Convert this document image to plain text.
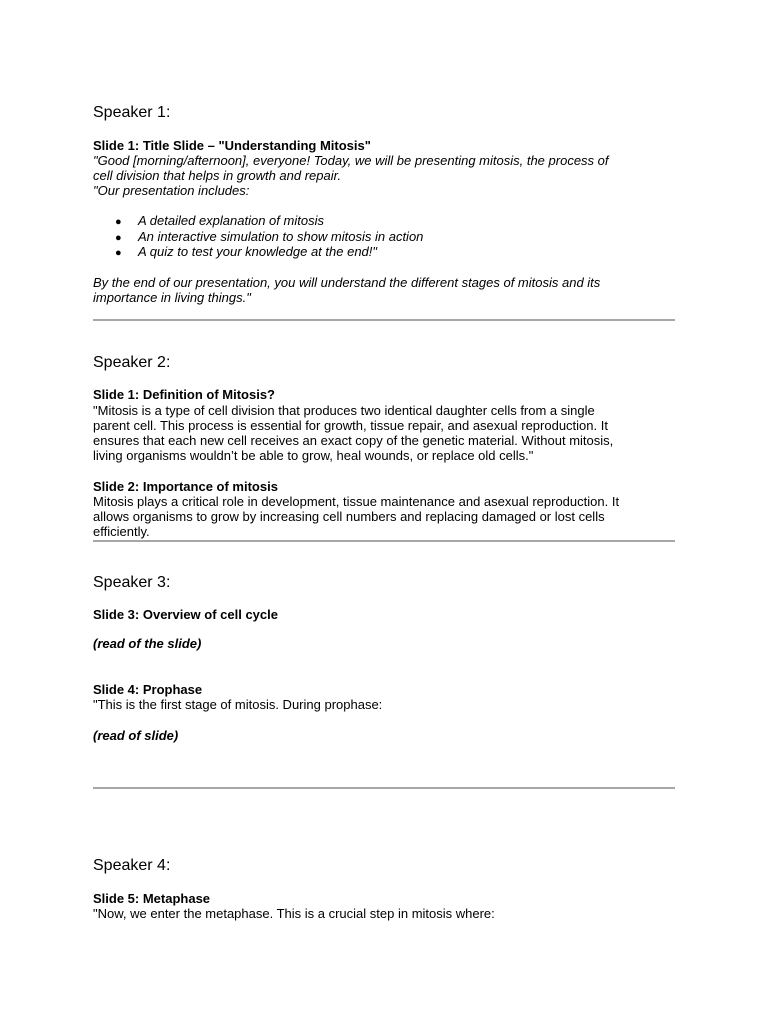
Speaker 1:
Slide 1: Title Slide – "Understanding Mitosis"
"Good [morning/afternoon], everyone! Today, we will be presenting mitosis, the process of
cell division that helps in growth and repair.
"Our presentation includes:
● A detailed explanation of mitosis
● An interactive simulation to show mitosis in action
● A quiz to test your knowledge at the end!"
By the end of our presentation, you will understand the different stages of mitosis and its
importance in living things."
Speaker 2:
Slide 1: Definition of Mitosis?
"Mitosis is a type of cell division that produces two identical daughter cells from a single
parent cell. This process is essential for growth, tissue repair, and asexual reproduction. It
ensures that each new cell receives an exact copy of the genetic material. Without mitosis,
living organisms wouldn’t be able to grow, heal wounds, or replace old cells."
Slide 2: Importance of mitosis
Mitosis plays a critical role in development, tissue maintenance and asexual reproduction. It
allows organisms to grow by increasing cell numbers and replacing damaged or lost cells
efficiently.
Speaker 3:
Slide 3: Overview of cell cycle
(read of the slide)
Slide 4: Prophase
"This is the first stage of mitosis. During prophase:
(read of slide)
Speaker 4:
Slide 5: Metaphase
"Now, we enter the metaphase. This is a crucial step in mitosis where:
